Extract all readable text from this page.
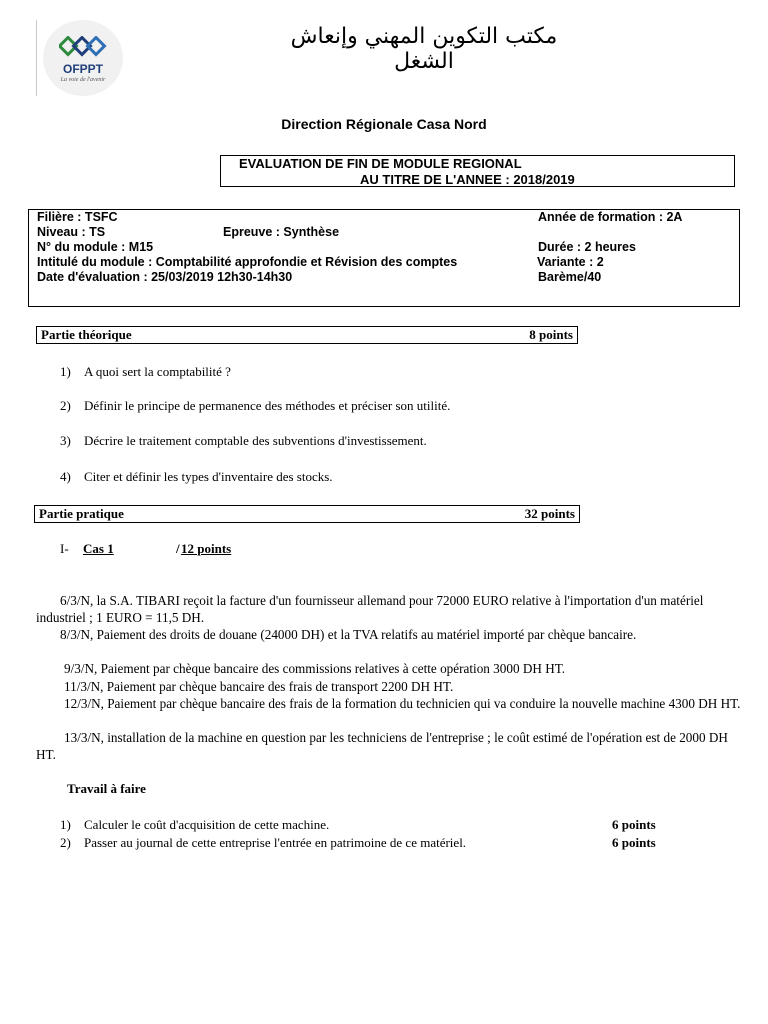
OFPPT
La voie de l'avenir
مكتب التكوين المهني وإنعاش الشغل
Direction Régionale Casa Nord
EVALUATION DE FIN DE MODULE REGIONAL
AU TITRE DE L'ANNEE : 2018/2019
Filière : TSFC	Année de formation : 2A
Niveau : TS	Epreuve : Synthèse
N° du module : M15	Durée : 2 heures
Intitulé du module : Comptabilité approfondie et Révision des comptes	Variante : 2
Date d'évaluation : 25/03/2019 12h30-14h30	Barème/40
Partie théorique	8 points
1) A quoi sert la comptabilité ?
2) Définir le principe de permanence des méthodes et préciser son utilité.
3) Décrire le traitement comptable des subventions d'investissement.
4) Citer et définir les types d'inventaire des stocks.
Partie pratique	32 points
I- Cas 1	/ 12 points
6/3/N, la S.A. TIBARI reçoit la facture d'un fournisseur allemand pour 72000 EURO relative à l'importation d'un matériel industriel ; 1 EURO = 11,5 DH.
8/3/N, Paiement des droits de douane (24000 DH) et la TVA relatifs au matériel importé par chèque bancaire.
9/3/N, Paiement par chèque bancaire des commissions relatives à cette opération 3000 DH HT.
11/3/N, Paiement par chèque bancaire des frais de transport 2200 DH HT.
12/3/N, Paiement par chèque bancaire des frais de la formation du technicien qui va conduire la nouvelle machine 4300 DH HT.
13/3/N, installation de la machine en question par les techniciens de l'entreprise ; le coût estimé de l'opération est de 2000 DH HT.
Travail à faire
1) Calculer le coût d'acquisition de cette machine.	6 points
2) Passer au journal de cette entreprise l'entrée en patrimoine de ce matériel.	6 points
